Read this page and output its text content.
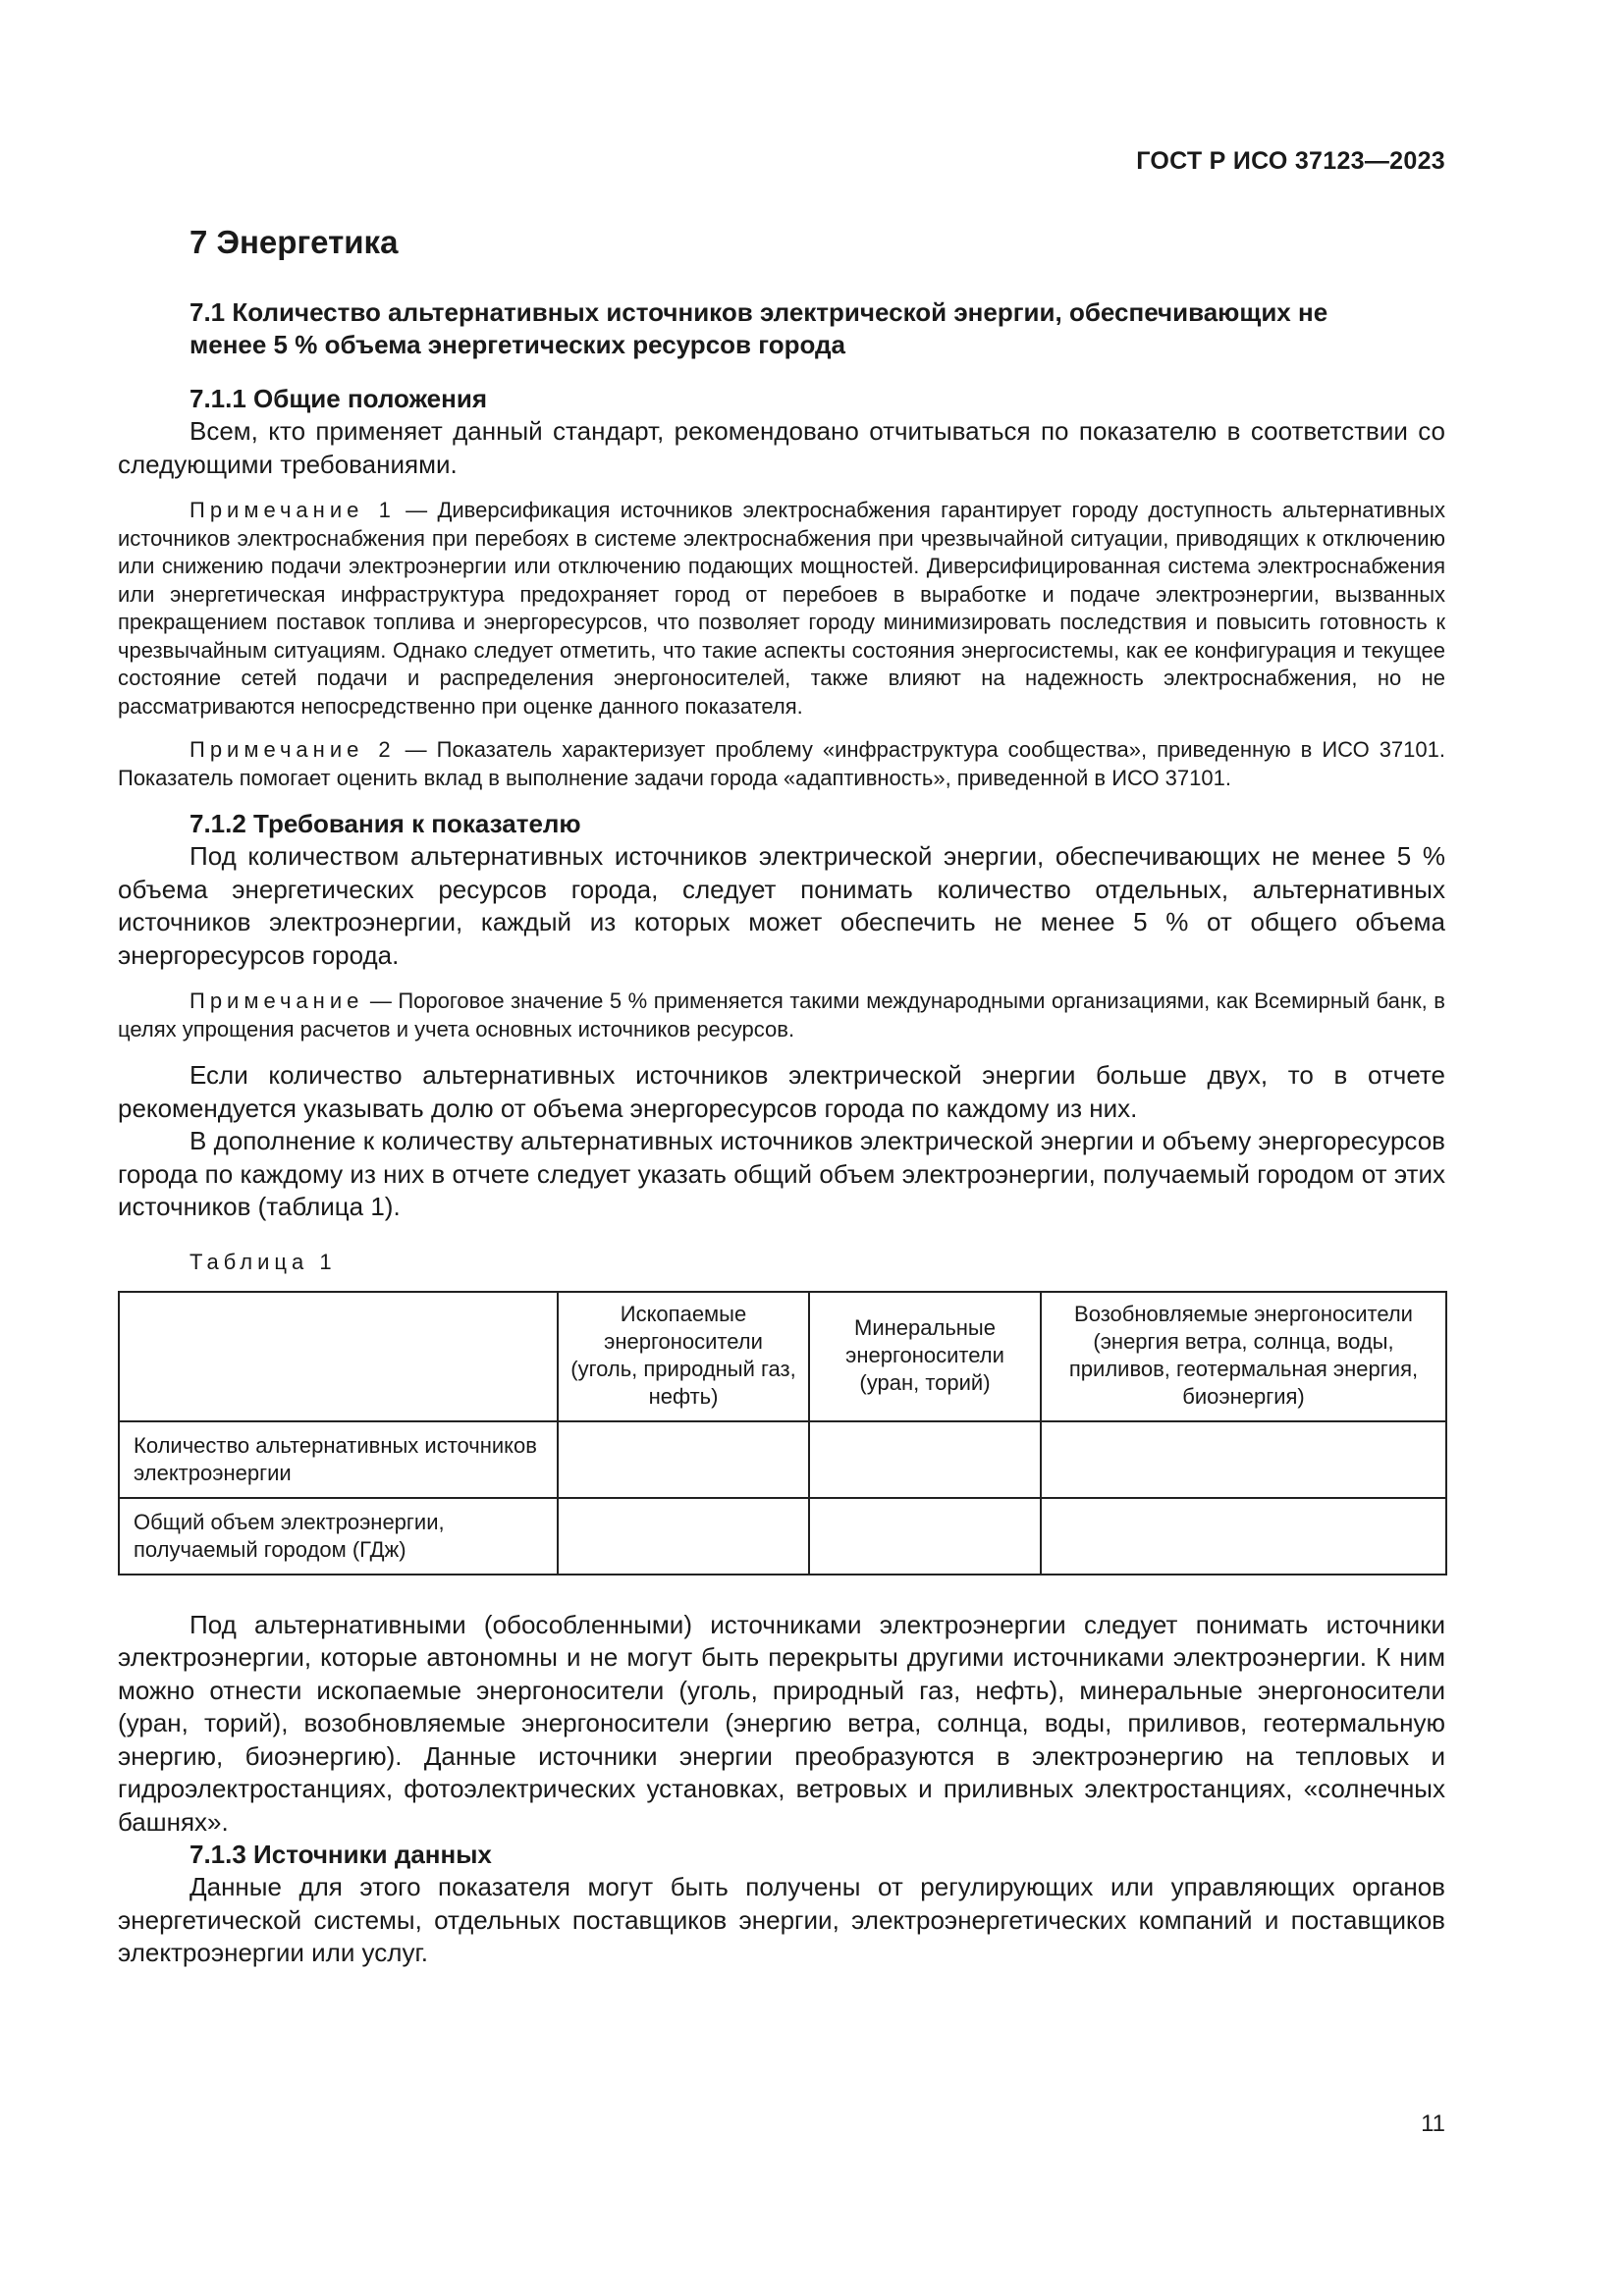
ГОСТ Р ИСО 37123—2023
7 Энергетика
7.1 Количество альтернативных источников электрической энергии, обеспечивающих не менее 5 % объема энергетических ресурсов города
7.1.1 Общие положения

Всем, кто применяет данный стандарт, рекомендовано отчитываться по показателю в соответствии со следующими требованиями.

Примечание 1 — Диверсификация источников электроснабжения гарантирует городу доступность альтернативных источников электроснабжения при перебоях в системе электроснабжения при чрезвычайной ситуации, приводящих к отключению или снижению подачи электроэнергии или отключению подающих мощностей. Диверсифицированная система электроснабжения или энергетическая инфраструктура предохраняет город от перебоев в выработке и подаче электроэнергии, вызванных прекращением поставок топлива и энергоресурсов, что позволяет городу минимизировать последствия и повысить готовность к чрезвычайным ситуациям. Однако следует отметить, что такие аспекты состояния энергосистемы, как ее конфигурация и текущее состояние сетей подачи и распределения энергоносителей, также влияют на надежность электроснабжения, но не рассматриваются непосредственно при оценке данного показателя.

Примечание 2 — Показатель характеризует проблему «инфраструктура сообщества», приведенную в ИСО 37101. Показатель помогает оценить вклад в выполнение задачи города «адаптивность», приведенной в ИСО 37101.

7.1.2 Требования к показателю

Под количеством альтернативных источников электрической энергии, обеспечивающих не менее 5 % объема энергетических ресурсов города, следует понимать количество отдельных, альтернативных источников электроэнергии, каждый из которых может обеспечить не менее 5 % от общего объема энергоресурсов города.

Примечание — Пороговое значение 5 % применяется такими международными организациями, как Всемирный банк, в целях упрощения расчетов и учета основных источников ресурсов.

Если количество альтернативных источников электрической энергии больше двух, то в отчете рекомендуется указывать долю от объема энергоресурсов города по каждому из них.

В дополнение к количеству альтернативных источников электрической энергии и объему энергоресурсов города по каждому из них в отчете следует указать общий объем электроэнергии, получаемый городом от этих источников (таблица 1).

Таблица 1
	Ископаемые энергоносители (уголь, природный газ, нефть)	Минеральные энергоносители (уран, торий)	Возобновляемые энергоносители (энергия ветра, солнца, воды, приливов, геотермальная энергия, биоэнергия)
Количество альтернативных источников электроэнергии			
Общий объем электроэнергии, получаемый городом (ГДж)			

Под альтернативными (обособленными) источниками электроэнергии следует понимать источники электроэнергии, которые автономны и не могут быть перекрыты другими источниками электроэнергии. К ним можно отнести ископаемые энергоносители (уголь, природный газ, нефть), минеральные энергоносители (уран, торий), возобновляемые энергоносители (энергию ветра, солнца, воды, приливов, геотермальную энергию, биоэнергию). Данные источники энергии преобразуются в электроэнергию на тепловых и гидроэлектростанциях, фотоэлектрических установках, ветровых и приливных электростанциях, «солнечных башнях».

7.1.3 Источники данных

Данные для этого показателя могут быть получены от регулирующих или управляющих органов энергетической системы, отдельных поставщиков энергии, электроэнергетических компаний и поставщиков электроэнергии или услуг.

11
